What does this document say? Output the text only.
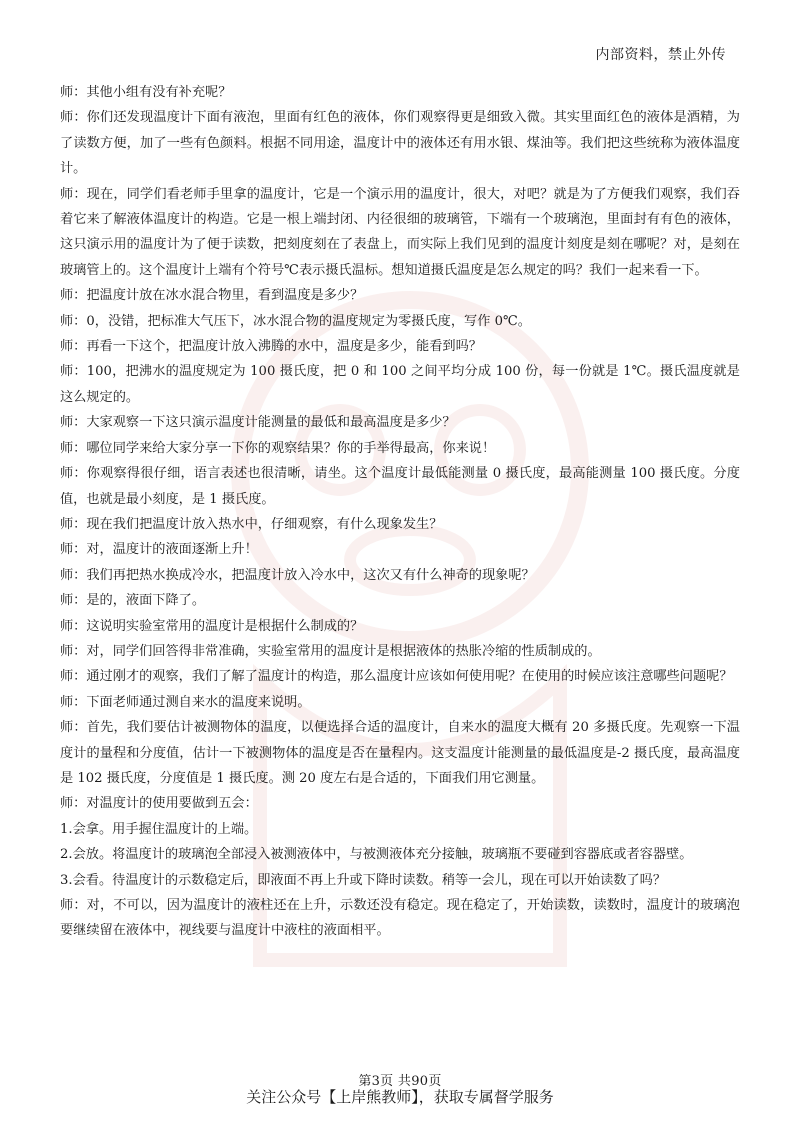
内部资料，禁止外传

师：其他小组有没有补充呢？

师：你们还发现温度计下面有液泡，里面有红色的液体，你们观察得更是细致入微。其实里面红色的液体是酒精，为了读数方便，加了一些有色颜料。根据不同用途，温度计中的液体还有用水银、煤油等。我们把这些统称为液体温度计。

师：现在，同学们看老师手里拿的温度计，它是一个演示用的温度计，很大，对吧？就是为了方便我们观察，我们吞着它来了解液体温度计的构造。它是一根上端封闭、内径很细的玻璃管，下端有一个玻璃泡，里面封有有色的液体，这只演示用的温度计为了便于读数，把刻度刻在了表盘上，而实际上我们见到的温度计刻度是刻在哪呢？对，是刻在玻璃管上的。这个温度计上端有个符号℃表示摄氏温标。想知道摄氏温度是怎么规定的吗？我们一起来看一下。

师：把温度计放在冰水混合物里，看到温度是多少？

师：0，没错，把标准大气压下，冰水混合物的温度规定为零摄氏度，写作 0℃。

师：再看一下这个，把温度计放入沸腾的水中，温度是多少，能看到吗？

师：100，把沸水的温度规定为 100 摄氏度，把 0 和 100 之间平均分成 100 份，每一份就是 1℃。摄氏温度就是这么规定的。

师：大家观察一下这只演示温度计能测量的最低和最高温度是多少？

师：哪位同学来给大家分享一下你的观察结果？你的手举得最高，你来说！

师：你观察得很仔细，语言表述也很清晰，请坐。这个温度计最低能测量 0 摄氏度，最高能测量 100 摄氏度。分度值，也就是最小刻度，是 1 摄氏度。

师：现在我们把温度计放入热水中，仔细观察，有什么现象发生？

师：对，温度计的液面逐渐上升！

师：我们再把热水换成冷水，把温度计放入冷水中，这次又有什么神奇的现象呢？

师：是的，液面下降了。

师：这说明实验室常用的温度计是根据什么制成的？

师：对，同学们回答得非常准确，实验室常用的温度计是根据液体的热胀冷缩的性质制成的。

师：通过刚才的观察，我们了解了温度计的构造，那么温度计应该如何使用呢？在使用的时候应该注意哪些问题呢？

师：下面老师通过测自来水的温度来说明。

师：首先，我们要估计被测物体的温度，以便选择合适的温度计，自来水的温度大概有 20 多摄氏度。先观察一下温度计的量程和分度值，估计一下被测物体的温度是否在量程内。这支温度计能测量的最低温度是-2 摄氏度，最高温度是 102 摄氏度，分度值是 1 摄氏度。测 20 度左右是合适的，下面我们用它测量。

师：对温度计的使用要做到五会：

1.会拿。用手握住温度计的上端。

2.会放。将温度计的玻璃泡全部浸入被测液体中，与被测液体充分接触，玻璃瓶不要碰到容器底或者容器壁。

3.会看。待温度计的示数稳定后，即液面不再上升或下降时读数。稍等一会儿，现在可以开始读数了吗？

师：对，不可以，因为温度计的液柱还在上升，示数还没有稳定。现在稳定了，开始读数，读数时，温度计的玻璃泡要继续留在液体中，视线要与温度计中液柱的液面相平。

第3页 共90页
关注公众号【上岸熊教师】，获取专属督学服务
